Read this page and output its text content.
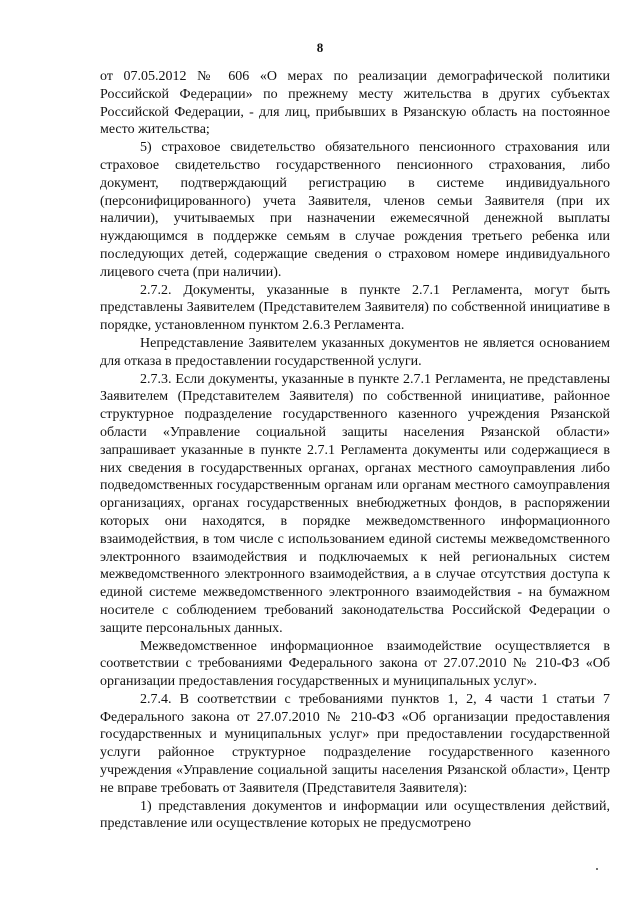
8

от 07.05.2012 № 606 «О мерах по реализации демографической политики Российской Федерации» по прежнему месту жительства в других субъектах Российской Федерации, - для лиц, прибывших в Рязанскую область на постоянное место жительства;

5) страховое свидетельство обязательного пенсионного страхования или страховое свидетельство государственного пенсионного страхования, либо документ, подтверждающий регистрацию в системе индивидуального (персонифицированного) учета Заявителя, членов семьи Заявителя (при их наличии), учитываемых при назначении ежемесячной денежной выплаты нуждающимся в поддержке семьям в случае рождения третьего ребенка или последующих детей, содержащие сведения о страховом номере индивидуального лицевого счета (при наличии).

2.7.2. Документы, указанные в пункте 2.7.1 Регламента, могут быть представлены Заявителем (Представителем Заявителя) по собственной инициативе в порядке, установленном пунктом 2.6.3 Регламента.

Непредставление Заявителем указанных документов не является основанием для отказа в предоставлении государственной услуги.

2.7.3. Если документы, указанные в пункте 2.7.1 Регламента, не представлены Заявителем (Представителем Заявителя) по собственной инициативе, районное структурное подразделение государственного казенного учреждения Рязанской области «Управление социальной защиты населения Рязанской области» запрашивает указанные в пункте 2.7.1 Регламента документы или содержащиеся в них сведения в государственных органах, органах местного самоуправления либо подведомственных государственным органам или органам местного самоуправления организациях, органах государственных внебюджетных фондов, в распоряжении которых они находятся, в порядке межведомственного информационного взаимодействия, в том числе с использованием единой системы межведомственного электронного взаимодействия и подключаемых к ней региональных систем межведомственного электронного взаимодействия, а в случае отсутствия доступа к единой системе межведомственного электронного взаимодействия - на бумажном носителе с соблюдением требований законодательства Российской Федерации о защите персональных данных.

Межведомственное информационное взаимодействие осуществляется в соответствии с требованиями Федерального закона от 27.07.2010 № 210-ФЗ «Об организации предоставления государственных и муниципальных услуг».

2.7.4. В соответствии с требованиями пунктов 1, 2, 4 части 1 статьи 7 Федерального закона от 27.07.2010 № 210-ФЗ «Об организации предоставления государственных и муниципальных услуг» при предоставлении государственной услуги районное структурное подразделение государственного казенного учреждения «Управление социальной защиты населения Рязанской области», Центр не вправе требовать от Заявителя (Представителя Заявителя):

1) представления документов и информации или осуществления действий, представление или осуществление которых не предусмотрено
